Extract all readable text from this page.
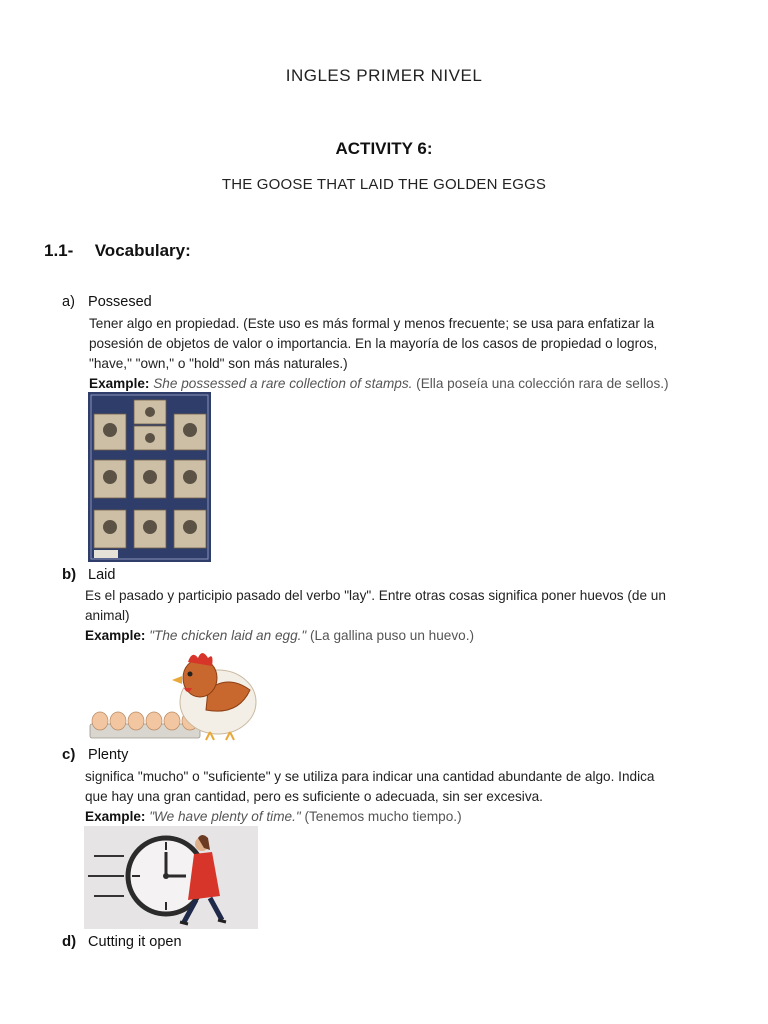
INGLES PRIMER NIVEL
ACTIVITY 6:
THE GOOSE THAT LAID THE GOLDEN EGGS
1.1- Vocabulary:
a) Possesed
Tener algo en propiedad. (Este uso es más formal y menos frecuente; se usa para enfatizar la
posesión de objetos de valor o importancia. En la mayoría de los casos de propiedad o logros,
"have," "own," o "hold" son más naturales.)
Example: She possessed a rare collection of stamps. (Ella poseía una colección rara de sellos.)
b) Laid
Es el pasado y participio pasado del verbo "lay". Entre otras cosas significa poner huevos (de un
animal)
Example: "The chicken laid an egg." (La gallina puso un huevo.)
c) Plenty
significa "mucho" o "suficiente" y se utiliza para indicar una cantidad abundante de algo. Indica
que hay una gran cantidad, pero es suficiente o adecuada, sin ser excesiva.
Example: "We have plenty of time." (Tenemos mucho tiempo.)
d) Cutting it open
